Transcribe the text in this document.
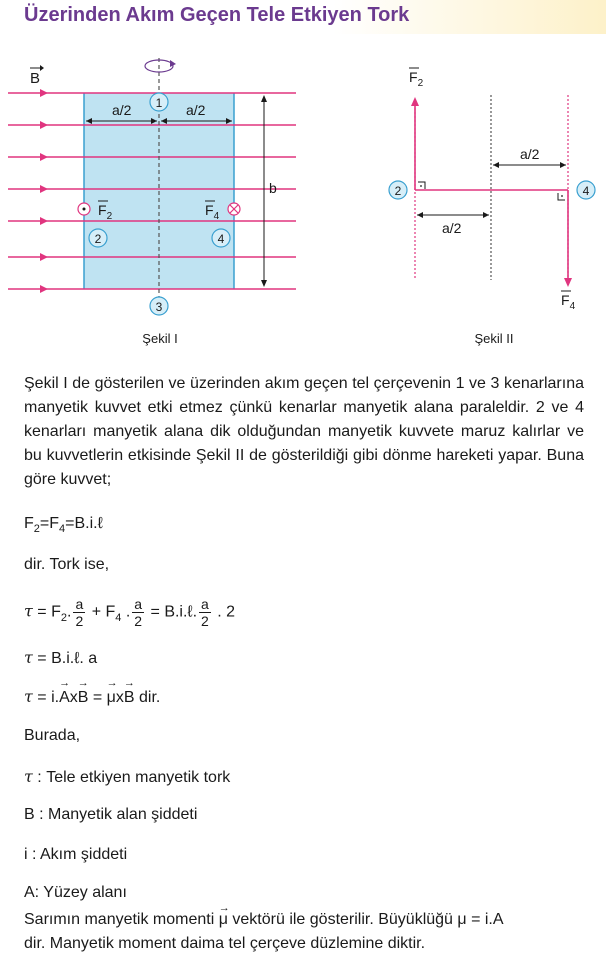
Üzerinden Akım Geçen Tele Etkiyen Tork
B
a/2	a/2
b
1
2
3
4
$F_2$	$F_4$
Şekil I
$F_2$
$F_4$
2	4
a/2
a/2
Şekil II

Şekil I de gösterilen ve üzerinden akım geçen tel çerçevenin 1 ve 3 kenarlarına manyetik kuvvet etki etmez çünkü kenarlar manyetik alana paraleldir. 2 ve 4 kenarları manyetik alana dik olduğundan manyetik kuvvete maruz kalırlar ve bu kuvvetlerin etkisinde Şekil II de gösterildiği gibi dönme hareketi yapar. Buna göre kuvvet;

$F_2=F_4=B.i.\ell$
dir. Tork ise,
$\tau = F_2$. $\frac{a}{2} + F_4$ . $\frac{a}{2}$ = B.i.ℓ. $\frac{a}{2}$ . 2
τ = B.i.ℓ. a
τ = i.→ Ax→ B = → μx→ B dir.
Burada,
τ : Tele etkiyen manyetik tork
B : Manyetik alan şiddeti
i : Akım şiddeti
A: Yüzey alanı

Sarımın manyetik momenti → μ vektörü ile gösterilir. Büyüklüğü μ = i.A
dir. Manyetik moment daima tel çerçeve düzlemine diktir.
